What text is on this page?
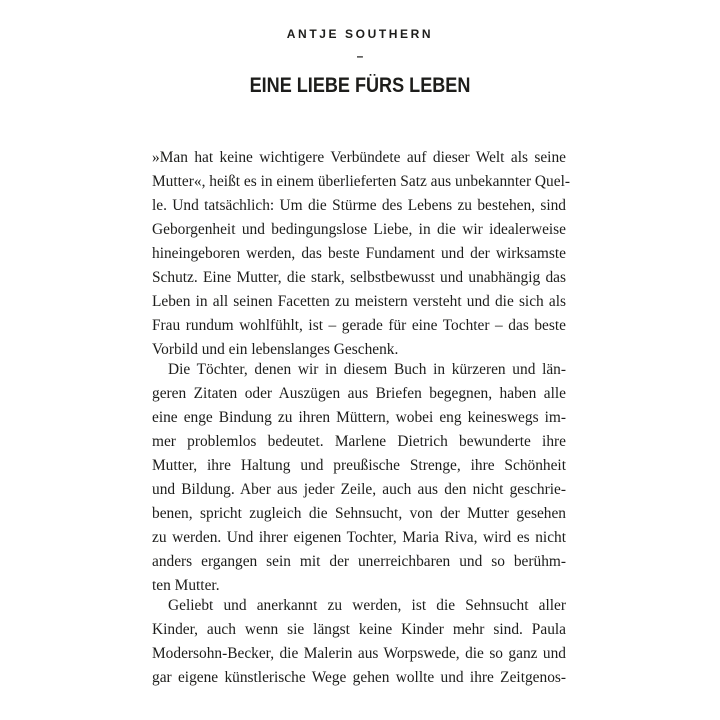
ANTJE SOUTHERN
–
EINE LIEBE FÜRS LEBEN
»Man hat keine wichtigere Verbündete auf dieser Welt als seine
Mutter«, heißt es in einem überlieferten Satz aus unbekannter Quel-
le. Und tatsächlich: Um die Stürme des Lebens zu bestehen, sind
Geborgenheit und bedingungslose Liebe, in die wir idealerweise
hineingeboren werden, das beste Fundament und der wirksamste
Schutz. Eine Mutter, die stark, selbstbewusst und unabhängig das
Leben in all seinen Facetten zu meistern versteht und die sich als
Frau rundum wohlfühlt, ist – gerade für eine Tochter – das beste
Vorbild und ein lebenslanges Geschenk.
Die Töchter, denen wir in diesem Buch in kürzeren und län-
geren Zitaten oder Auszügen aus Briefen begegnen, haben alle
eine enge Bindung zu ihren Müttern, wobei eng keineswegs im-
mer problemlos bedeutet. Marlene Dietrich bewunderte ihre
Mutter, ihre Haltung und preußische Strenge, ihre Schönheit
und Bildung. Aber aus jeder Zeile, auch aus den nicht geschrie-
benen, spricht zugleich die Sehnsucht, von der Mutter gesehen
zu werden. Und ihrer eigenen Tochter, Maria Riva, wird es nicht
anders ergangen sein mit der unerreichbaren und so berühm-
ten Mutter.
Geliebt und anerkannt zu werden, ist die Sehnsucht aller
Kinder, auch wenn sie längst keine Kinder mehr sind. Paula
Modersohn-Becker, die Malerin aus Worpswede, die so ganz und
gar eigene künstlerische Wege gehen wollte und ihre Zeitgenos-
